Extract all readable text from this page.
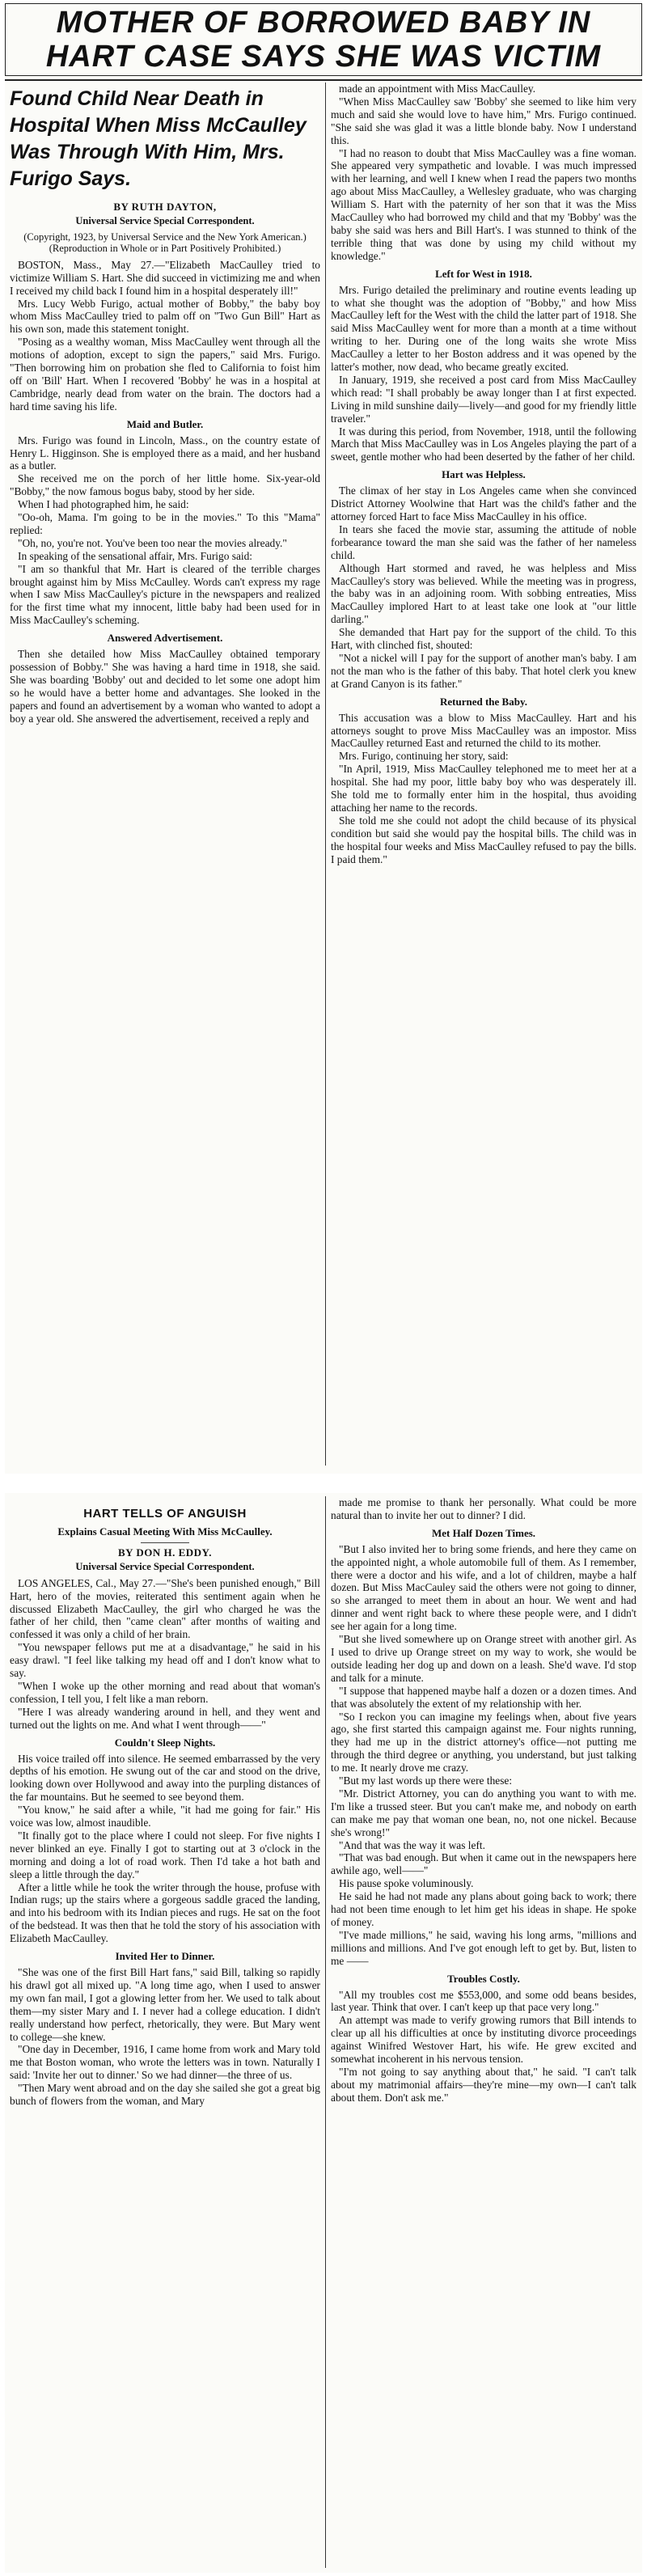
MOTHER OF BORROWED BABY IN HART CASE SAYS SHE WAS VICTIM
Found Child Near Death in Hospital When Miss McCaulley Was Through With Him, Mrs. Furigo Says.
BY RUTH DAYTON,
Universal Service Special Correspondent.
(Copyright, 1923, by Universal Service and the New York American.) (Reproduction in Whole or in Part Positively Prohibited.)

BOSTON, Mass., May 27.—"Elizabeth MacCaulley tried to victimize William S. Hart. She did succeed in victimizing me and when I received my child back I found him in a hospital desperately ill!"

Mrs. Lucy Webb Furigo, actual mother of Bobby," the baby boy whom Miss MacCaulley tried to palm off on "Two Gun Bill" Hart as his own son, made this statement tonight.

"Posing as a wealthy woman, Miss MacCaulley went through all the motions of adoption, except to sign the papers," said Mrs. Furigo. "Then borrowing him on probation she fled to California to foist him off on 'Bill' Hart. When I recovered 'Bobby' he was in a hospital at Cambridge, nearly dead from water on the brain. The doctors had a hard time saving his life.

Maid and Butler.

Mrs. Furigo was found in Lincoln, Mass., on the country estate of Henry L. Higginson. She is employed there as a maid, and her husband as a butler.

She received me on the porch of her little home. Six-year-old "Bobby," the now famous bogus baby, stood by her side.

When I had photographed him, he said:

"Oo-oh, Mama. I'm going to be in the movies." To this "Mama" replied:

"Oh, no, you're not. You've been too near the movies already."

In speaking of the sensational affair, Mrs. Furigo said:

"I am so thankful that Mr. Hart is cleared of the terrible charges brought against him by Miss McCaulley. Words can't express my rage when I saw Miss MacCaulley's picture in the newspapers and realized for the first time what my innocent, little baby had been used for in Miss MacCaulley's scheming.

Answered Advertisement.

Then she detailed how Miss MacCaulley obtained temporary possession of Bobby." She was having a hard time in 1918, she said. She was boarding 'Bobby' out and decided to let some one adopt him so he would have a better home and advantages. She looked in the papers and found an advertisement by a woman who wanted to adopt a boy a year old. She answered the advertisement, received a reply and

made an appointment with Miss MacCaulley.

"When Miss MacCaulley saw 'Bobby' she seemed to like him very much and said she would love to have him," Mrs. Furigo continued. "She said she was glad it was a little blonde baby. Now I understand this.

"I had no reason to doubt that Miss MacCaulley was a fine woman. She appeared very sympathetic and lovable. I was much impressed with her learning, and well I knew when I read the papers two months ago about Miss MacCaulley, a Wellesley graduate, who was charging William S. Hart with the paternity of her son that it was the Miss MacCaulley who had borrowed my child and that my 'Bobby' was the baby she said was hers and Bill Hart's. I was stunned to think of the terrible thing that was done by using my child without my knowledge."

Left for West in 1918.

Mrs. Furigo detailed the preliminary and routine events leading up to what she thought was the adoption of "Bobby," and how Miss MacCaulley left for the West with the child the latter part of 1918. She said Miss MacCaulley went for more than a month at a time without writing to her. During one of the long waits she wrote Miss MacCaulley a letter to her Boston address and it was opened by the latter's mother, now dead, who became greatly excited.

In January, 1919, she received a post card from Miss MacCaulley which read: "I shall probably be away longer than I at first expected. Living in mild sunshine daily—lively—and good for my friendly little traveler."

It was during this period, from November, 1918, until the following March that Miss MacCaulley was in Los Angeles playing the part of a sweet, gentle mother who had been deserted by the father of her child.

Hart was Helpless.

The climax of her stay in Los Angeles came when she convinced District Attorney Woolwine that Hart was the child's father and the attorney forced Hart to face Miss MacCaulley in his office.

In tears she faced the movie star, assuming the attitude of noble forbearance toward the man she said was the father of her nameless child.

Although Hart stormed and raved, he was helpless and Miss MacCaulley's story was believed. While the meeting was in progress, the baby was in an adjoining room. With sobbing entreaties, Miss MacCaulley implored Hart to at least take one look at "our little darling."

She demanded that Hart pay for the support of the child. To this Hart, with clinched fist, shouted:

"Not a nickel will I pay for the support of another man's baby. I am not the man who is the father of this baby. That hotel clerk you knew at Grand Canyon is its father."

Returned the Baby.

This accusation was a blow to Miss MacCaulley. Hart and his attorneys sought to prove Miss MacCaulley was an impostor. Miss MacCaulley returned East and returned the child to its mother.

Mrs. Furigo, continuing her story, said:

"In April, 1919, Miss MacCaulley telephoned me to meet her at a hospital. She had my poor, little baby boy who was desperately ill. She told me to formally enter him in the hospital, thus avoiding attaching her name to the records.

She told me she could not adopt the child because of its physical condition but said she would pay the hospital bills. The child was in the hospital four weeks and Miss MacCaulley refused to pay the bills. I paid them."

HART TELLS OF ANGUISH
Explains Casual Meeting With Miss McCaulley.
BY DON H. EDDY.
Universal Service Special Correspondent.

LOS ANGELES, Cal., May 27.—"She's been punished enough," Bill Hart, hero of the movies, reiterated this sentiment again when he discussed Elizabeth MacCaulley, the girl who charged he was the father of her child, then "came clean" after months of waiting and confessed it was only a child of her brain.

"You newspaper fellows put me at a disadvantage," he said in his easy drawl. "I feel like talking my head off and I don't know what to say.

"When I woke up the other morning and read about that woman's confession, I tell you, I felt like a man reborn.

"Here I was already wandering around in hell, and they went and turned out the lights on me. And what I went through——"

Couldn't Sleep Nights.

His voice trailed off into silence. He seemed embarrassed by the very depths of his emotion. He swung out of the car and stood on the drive, looking down over Hollywood and away into the purpling distances of the far mountains. But he seemed to see beyond them.

"You know," he said after a while, "it had me going for fair." His voice was low, almost inaudible.

"It finally got to the place where I could not sleep. For five nights I never blinked an eye. Finally I got to starting out at 3 o'clock in the morning and doing a lot of road work. Then I'd take a hot bath and sleep a little through the day."

After a little while he took the writer through the house, profuse with Indian rugs; up the stairs where a gorgeous saddle graced the landing, and into his bedroom with its Indian pieces and rugs. He sat on the foot of the bedstead. It was then that he told the story of his association with Elizabeth MacCaulley.

Invited Her to Dinner.

"She was one of the first Bill Hart fans," said Bill, talking so rapidly his drawl got all mixed up. "A long time ago, when I used to answer my own fan mail, I got a glowing letter from her. We used to talk about them—my sister Mary and I. I never had a college education. I didn't really understand how perfect, rhetorically, they were. But Mary went to college—she knew.

"One day in December, 1916, I came home from work and Mary told me that Boston woman, who wrote the letters was in town. Naturally I said: 'Invite her out to dinner.' So we had dinner—the three of us.

"Then Mary went abroad and on the day she sailed she got a great big bunch of flowers from the woman, and Mary

made me promise to thank her personally. What could be more natural than to invite her out to dinner? I did.

Met Half Dozen Times.

"But I also invited her to bring some friends, and here they came on the appointed night, a whole automobile full of them. As I remember, there were a doctor and his wife, and a lot of children, maybe a half dozen. But Miss MacCauley said the others were not going to dinner, so she arranged to meet them in about an hour. We went and had dinner and went right back to where these people were, and I didn't see her again for a long time.

"But she lived somewhere up on Orange street with another girl. As I used to drive up Orange street on my way to work, she would be outside leading her dog up and down on a leash. She'd wave. I'd stop and talk for a minute.

"I suppose that happened maybe half a dozen or a dozen times. And that was absolutely the extent of my relationship with her.

"So I reckon you can imagine my feelings when, about five years ago, she first started this campaign against me. Four nights running, they had me up in the district attorney's office—not putting me through the third degree or anything, you understand, but just talking to me. It nearly drove me crazy.

"But my last words up there were these:

"Mr. District Attorney, you can do anything you want to with me. I'm like a trussed steer. But you can't make me, and nobody on earth can make me pay that woman one bean, no, not one nickel. Because she's wrong!"

"And that was the way it was left.

"That was bad enough. But when it came out in the newspapers here awhile ago, well——"

His pause spoke voluminously.

He said he had not made any plans about going back to work; there had not been time enough to let him get his ideas in shape. He spoke of money.

"I've made millions," he said, waving his long arms, "millions and millions and millions. And I've got enough left to get by. But, listen to me ——

Troubles Costly.

"All my troubles cost me $553,000, and some odd beans besides, last year. Think that over. I can't keep up that pace very long."

An attempt was made to verify growing rumors that Bill intends to clear up all his difficulties at once by instituting divorce proceedings against Winifred Westover Hart, his wife. He grew excited and somewhat incoherent in his nervous tension.

"I'm not going to say anything about that," he said. "I can't talk about my matrimonial affairs—they're mine—my own—I can't talk about them. Don't ask me."
